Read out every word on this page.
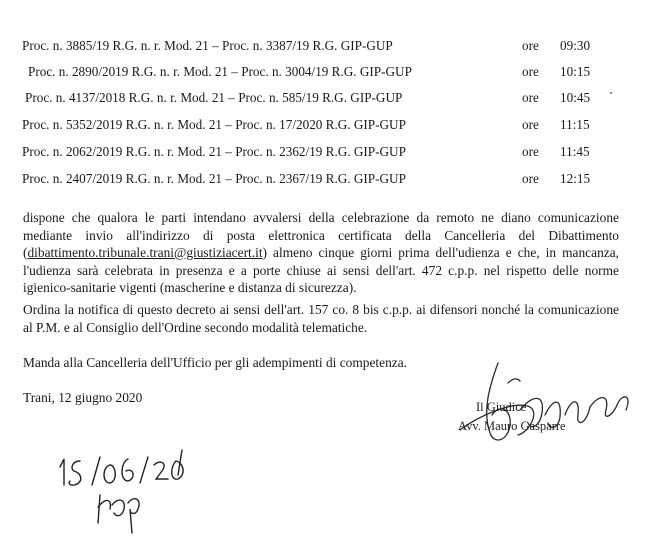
Proc. n. 3885/19 R.G. n. r. Mod. 21 – Proc. n. 3387/19 R.G. GIP-GUP	ore 09:30
Proc. n. 2890/2019 R.G. n. r. Mod. 21 – Proc. n. 3004/19 R.G. GIP-GUP	ore 10:15
Proc. n. 4137/2018 R.G. n. r. Mod. 21 – Proc. n. 585/19 R.G. GIP-GUP	ore 10:45
Proc. n. 5352/2019 R.G. n. r. Mod. 21 – Proc. n. 17/2020 R.G. GIP-GUP	ore 11:15
Proc. n. 2062/2019 R.G. n. r. Mod. 21 – Proc. n. 2362/19 R.G. GIP-GUP	ore 11:45
Proc. n. 2407/2019 R.G. n. r. Mod. 21 – Proc. n. 2367/19 R.G. GIP-GUP	ore 12:15

dispone che qualora le parti intendano avvalersi della celebrazione da remoto ne diano comunicazione mediante invio all'indirizzo di posta elettronica certificata della Cancelleria del Dibattimento (dibattimento.tribunale.trani@giustiziacert.it) almeno cinque giorni prima dell'udienza e che, in mancanza, l'udienza sarà celebrata in presenza e a porte chiuse ai sensi dell'art. 472 c.p.p. nel rispetto delle norme igienico-sanitarie vigenti (mascherine e distanza di sicurezza).

Ordina la notifica di questo decreto ai sensi dell'art. 157 co. 8 bis c.p.p. ai difensori nonché la comunicazione al P.M. e al Consiglio dell'Ordine secondo modalità telematiche.

Manda alla Cancelleria dell'Ufficio per gli adempimenti di competenza.

Trani, 12 giugno 2020

Il Giudice
Avv. Mauro Gasparre
